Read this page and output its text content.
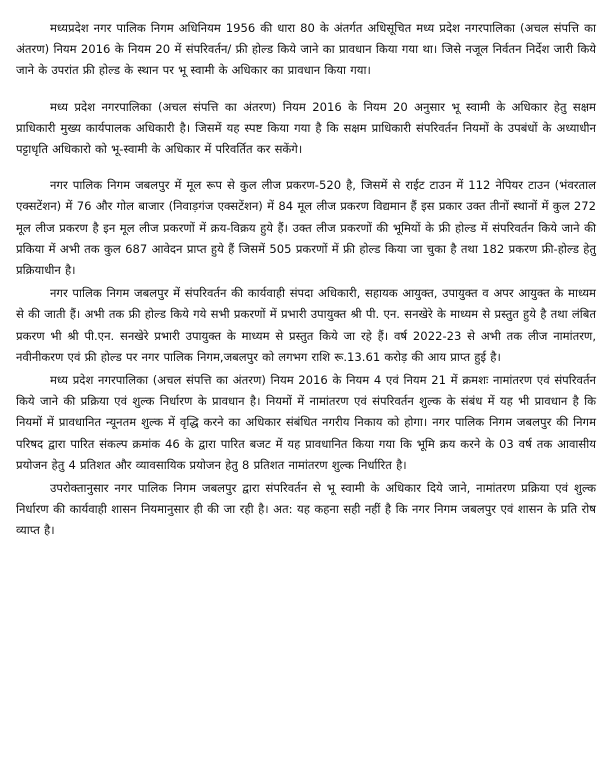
मध्यप्रदेश नगर पालिक निगम अधिनियम 1956 की धारा 80 के अंतर्गत अधिसूचित मध्य प्रदेश नगरपालिका (अचल संपत्ति का अंतरण) नियम 2016 के नियम 20 में संपरिवर्तन/ फ्री होल्ड किये जाने का प्रावधान किया गया था। जिसे नजूल निर्वतन निर्देश जारी किये जाने के उपरांत फ्री होल्ड के स्थान पर भू स्वामी के अधिकार का प्रावधान किया गया।

मध्य प्रदेश नगरपालिका (अचल संपत्ति का अंतरण) नियम 2016 के नियम 20 अनुसार भू स्वामी के अधिकार हेतु सक्षम प्राधिकारी मुख्य कार्यपालक अधिकारी है। जिसमें यह स्पष्ट किया गया है कि सक्षम प्राधिकारी संपरिवर्तन नियमों के उपबंधों के अध्याधीन पट्टाधृति अधिकारो को भू-स्वामी के अधिकार में परिवर्तित कर सकेंगे।

नगर पालिक निगम जबलपुर में मूल रूप से कुल लीज प्रकरण-520 है, जिसमें से राईट टाउन में 112 नेपियर टाउन (भंवरताल एक्सटेंशन) में 76 और गोल बाजार (निवाड़गंज एक्सटेंशन) में 84 मूल लीज प्रकरण विद्यमान हैं इस प्रकार उक्त तीनों स्थानों में कुल 272 मूल लीज प्रकरण है इन मूल लीज प्रकरणों में क्रय-विक्रय हुये हैं। उक्त लीज प्रकरणों की भूमियों के फ्री होल्ड में संपरिवर्तन किये जाने की प्रकिया में अभी तक कुल 687 आवेदन प्राप्त हुये हैं जिसमें 505 प्रकरणों में फ्री होल्ड किया जा चुका है तथा 182 प्रकरण फ्री-होल्ड हेतु प्रक्रियाधीन है।

नगर पालिक निगम जबलपुर में संपरिवर्तन की कार्यवाही संपदा अधिकारी, सहायक आयुक्त, उपायुक्त व अपर आयुक्त के माध्यम से की जाती हैं। अभी तक फ्री होल्ड किये गये सभी प्रकरणों में प्रभारी उपायुक्त श्री पी. एन. सनखेरे के माध्यम से प्रस्तुत हुये है तथा लंबित प्रकरण भी श्री पी.एन. सनखेरे प्रभारी उपायुक्त के माध्यम से प्रस्तुत किये जा रहे हैं। वर्ष 2022-23 से अभी तक लीज नामांतरण, नवीनीकरण एवं फ्री होल्ड पर नगर पालिक निगम,जबलपुर को लगभग राशि रू.13.61 करोड़ की आय प्राप्त हुई है।

मध्य प्रदेश नगरपालिका (अचल संपत्ति का अंतरण) नियम 2016 के नियम 4 एवं नियम 21 में क्रमशः नामांतरण एवं संपरिवर्तन किये जाने की प्रक्रिया एवं शुल्क निर्धारण के प्रावधान है। नियमों में नामांतरण एवं संपरिवर्तन शुल्क के संबंध में यह भी प्रावधान है कि नियमों में प्रावधानित न्यूनतम शुल्क में वृद्धि करने का अधिकार संबंधित नगरीय निकाय को होगा। नगर पालिक निगम जबलपुर की निगम परिषद द्वारा पारित संकल्प क्रमांक 46 के द्वारा पारित बजट में यह प्रावधानित किया गया कि भूमि क्रय करने के 03 वर्ष तक आवासीय प्रयोजन हेतु 4 प्रतिशत और व्यावसायिक प्रयोजन हेतु 8 प्रतिशत नामांतरण शुल्क निर्धारित है।

उपरोक्तानुसार नगर पालिक निगम जबलपुर द्वारा संपरिवर्तन से भू स्वामी के अधिकार दिये जाने, नामांतरण प्रक्रिया एवं शुल्क निर्धारण की कार्यवाही शासन नियमानुसार ही की जा रही है। अत: यह कहना सही नहीं है कि नगर निगम जबलपुर एवं शासन के प्रति रोष व्याप्त है।
